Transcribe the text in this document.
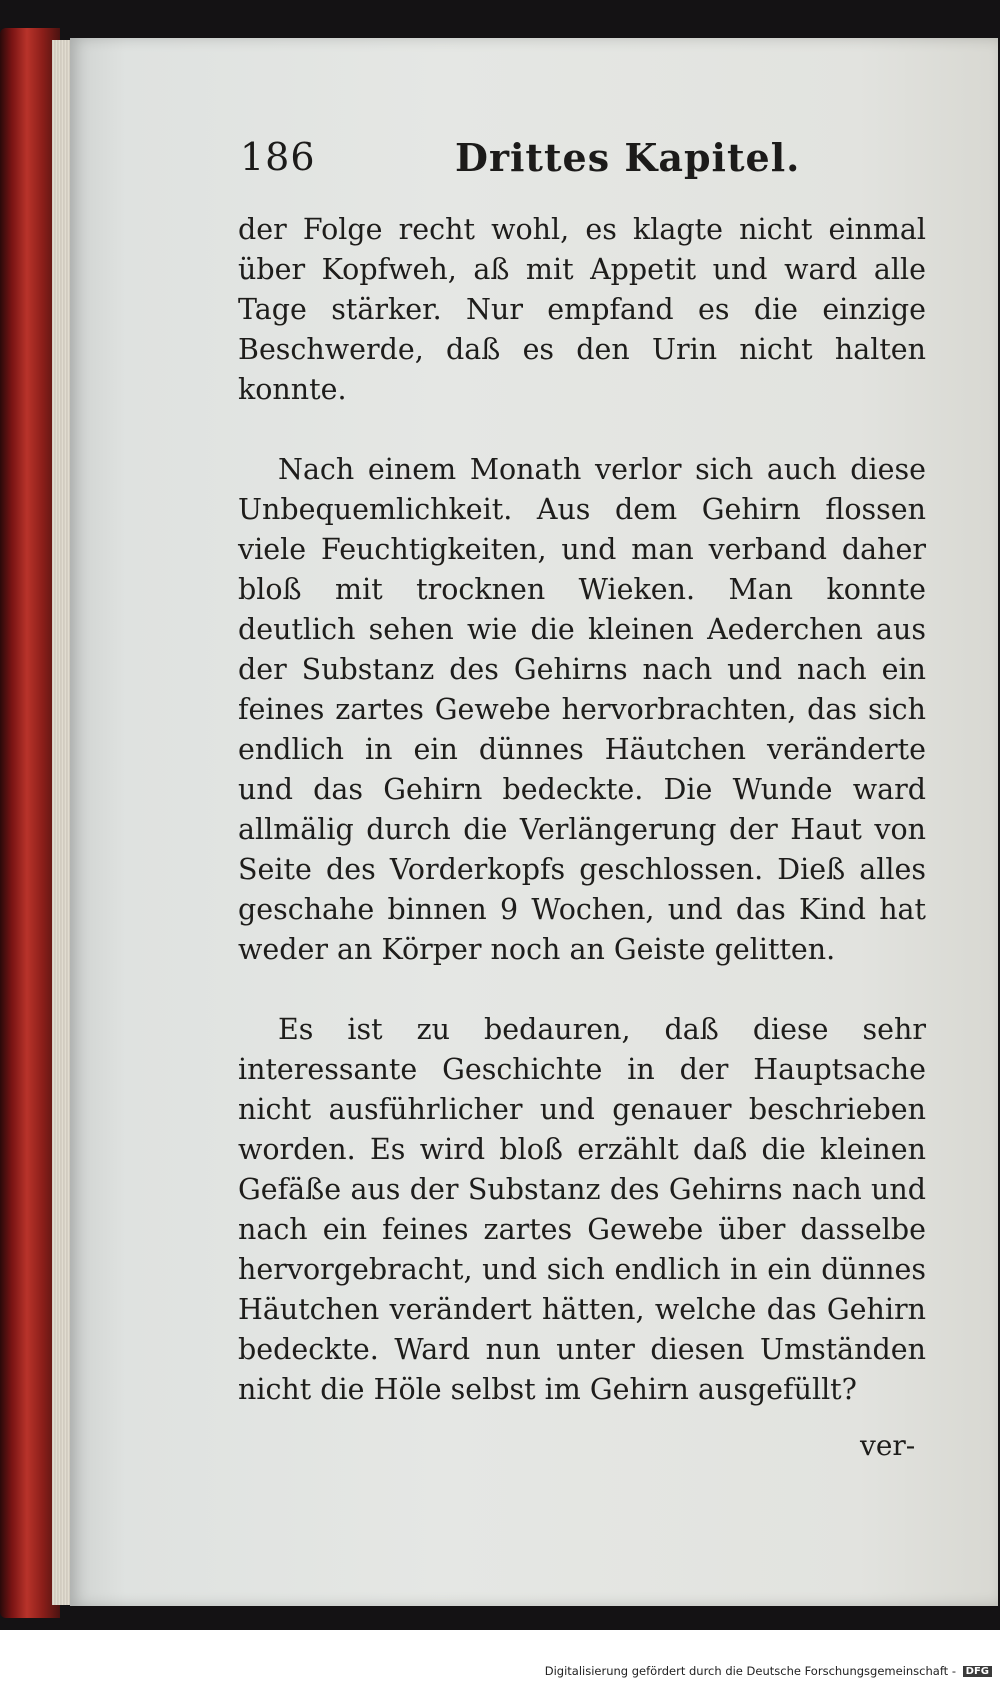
186	Drittes Kapitel.

der Folge recht wohl, es klagte nicht einmal über Kopfweh, aß mit Appetit und ward alle Tage stärker. Nur empfand es die einzige Beschwerde, daß es den Urin nicht halten konnte.

Nach einem Monath verlor sich auch diese Unbequemlichkeit. Aus dem Gehirn flossen viele Feuchtigkeiten, und man verband daher bloß mit trocknen Wieken. Man konnte deutlich sehen wie die kleinen Aederchen aus der Substanz des Gehirns nach und nach ein feines zartes Gewebe hervorbrachten, das sich endlich in ein dünnes Häutchen veränderte und das Gehirn bedeckte. Die Wunde ward allmälig durch die Verlängerung der Haut von Seite des Vorderkopfs geschlossen. Dieß alles geschahe binnen 9 Wochen, und das Kind hat weder an Körper noch an Geiste gelitten.

Es ist zu bedauren, daß diese sehr interessante Geschichte in der Hauptsache nicht ausführlicher und genauer beschrieben worden. Es wird bloß erzählt daß die kleinen Gefäße aus der Substanz des Gehirns nach und nach ein feines zartes Gewebe über dasselbe hervorgebracht, und sich endlich in ein dünnes Häutchen verändert hätten, welche das Gehirn bedeckte. Ward nun unter diesen Umständen nicht die Höle selbst im Gehirn ausgefüllt?

ver-
Digitalisierung gefördert durch die Deutsche Forschungsgemeinschaft - DFG
